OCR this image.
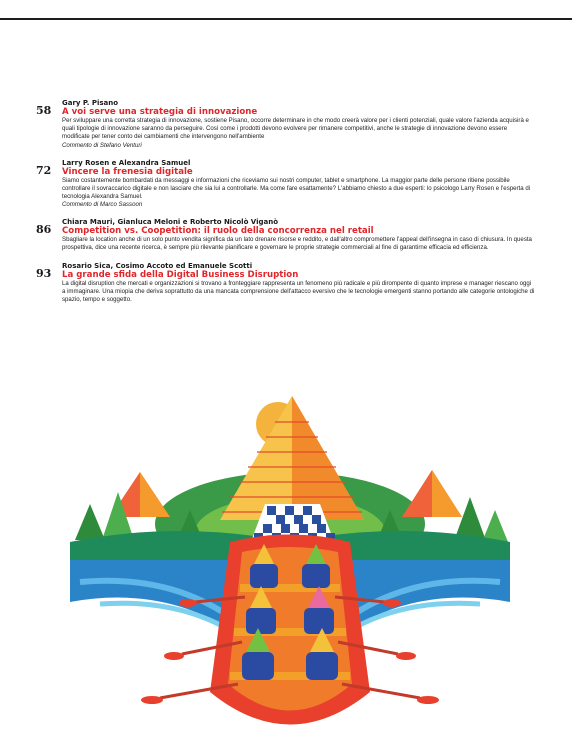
58
Gary P. Pisano
A voi serve una strategia di innovazione
Per sviluppare una corretta strategia di innovazione, sostiene Pisano, occorre determinare in che modo creerà valore per i clienti potenziali, quale valore l'azienda acquisirà e quali tipologie di innovazione saranno da perseguire. Così come i prodotti devono evolvere per rimanere competitivi, anche le strategie di innovazione devono essere modificate per tener conto dei cambiamenti che intervengono nell'ambiente
Commento di Stefano Venturi
72
Larry Rosen e Alexandra Samuel
Vincere la frenesia digitale
Siamo costantemente bombardati da messaggi e informazioni che riceviamo sui nostri computer, tablet e smartphone. La maggior parte delle persone ritiene possibile controllare il sovraccarico digitale e non lasciare che sia lui a controllarle. Ma come fare esattamente? L'abbiamo chiesto a due esperti: lo psicologo Larry Rosen e l'esperta di tecnologia Alexandra Samuel.
Commento di Marco Sassoon
86
Chiara Mauri, Gianluca Meloni e Roberto Nicolò Viganò
Competition vs. Coopetition: il ruolo della concorrenza nel retail
Sbagliare la location anche di un solo punto vendita significa da un lato drenare risorse e reddito, e dall'altro compromettere l'appeal dell'insegna in caso di chiusura. In questa prospettiva, dice una recente ricerca, è sempre più rilevante pianificare e governare le proprie strategie commerciali al fine di garantirne efficacia ed efficienza.
93
Rosario Sica, Cosimo Accoto ed Emanuele Scotti
La grande sfida della Digital Business Disruption
La digital disruption che mercati e organizzazioni si trovano a fronteggiare rappresenta un fenomeno più radicale e più dirompente di quanto imprese e manager riescano oggi a immaginare. Una miopia che deriva soprattutto da una mancata comprensione dell'attacco eversivo che le tecnologie emergenti stanno portando alle categorie ontologiche di spazio, tempo e soggetto.
